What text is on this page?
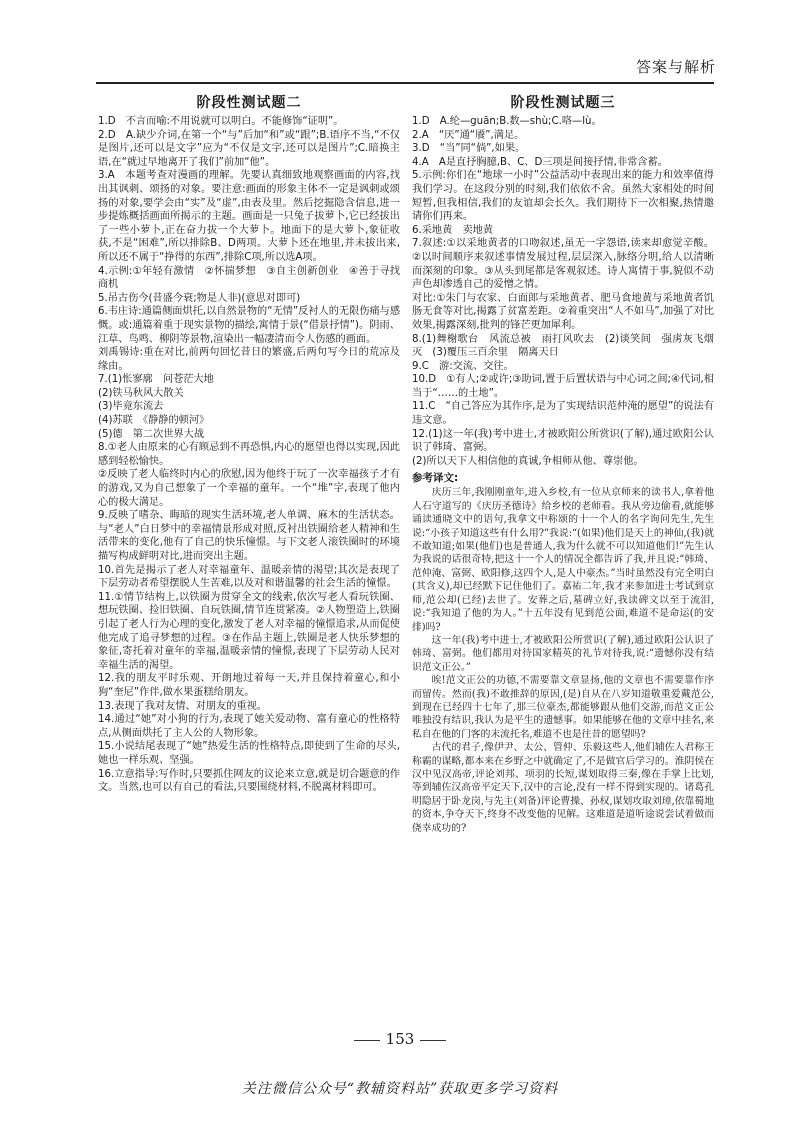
答案与解析
阶段性测试题二

1.D　不言而喻:不用说就可以明白。不能修饰“证明”。

2.D　A.缺少介词,在第一个“与”后加“和”或“跟”;B.语序不当,“不仅是图片,还可以是文字”应为“不仅是文字,还可以是图片”;C.暗换主语,在“就过早地离开了我们”前加“他”。

3.A　本题考查对漫画的理解。先要认真细致地观察画面的内容,找出其讽刺、颂扬的对象。要注意:画面的形象主体不一定是讽刺或颂扬的对象,要学会由“实”及“虚”,由表及里。然后挖掘隐含信息,进一步提炼概括画面所揭示的主题。画面是一只兔子拔萝卜,它已经拔出了一些小萝卜,正在奋力拔一个大萝卜。地面下的是大萝卜,象征收获,不是“困难”,所以排除B、D两项。大萝卜还在地里,并未拔出来,所以还不属于“挣得的东西”,排除C项,所以选A项。

4.示例:①年轻有激情　②怀揣梦想　③自主创新创业　④善于寻找商机

5.吊古伤今(昔盛今衰;物是人非)(意思对即可)

6.韦庄诗:通篇侧面烘托,以自然景物的“无情”反衬人的无限伤痛与感慨。或:通篇着重于现实景物的描绘,寓情于景(“借景抒情”)。阴雨、江草、鸟鸣、柳阴等景物,渲染出一幅凄清而令人伤感的画面。

刘禹锡诗:重在对比,前两句回忆昔日的繁盛,后两句写今日的荒凉及缘由。

7.(1)怅寥廓　问苍茫大地

(2)铁马秋风大散关

(3)毕竟东流去

(4)苏联　《静静的顿河》

(5)德　第二次世界大战

8.①老人由原来的心有顾忌到不再恐惧,内心的愿望也得以实现,因此感到轻松愉快。

②反映了老人临终时内心的欣慰,因为他终于玩了一次幸福孩子才有的游戏,又为自己想象了一个幸福的童年。一个“堆”字,表现了他内心的极大满足。

9.反映了嗜杂、晦暗的现实生活环境,老人单调、麻木的生活状态。与“老人”白日梦中的幸福情景形成对照,反衬出铁圈给老人精神和生活带来的变化,他有了自己的快乐憧憬。与下文老人滚铁圈时的环境描写构成鲜明对比,进而突出主题。

10.首先是揭示了老人对幸福童年、温暖亲情的渴望;其次是表现了下层劳动者希望摆脱人生苦难,以及对和谐温馨的社会生活的憧憬。

11.①情节结构上,以铁圈为贯穿全文的线索,依次写老人看玩铁圈、想玩铁圈、捡旧铁圈、自玩铁圈,情节连贯紧凑。②人物塑造上,铁圈引起了老人行为心理的变化,激发了老人对幸福的憧憬追求,从而促使他完成了追寻梦想的过程。③在作品主题上,铁圈是老人快乐梦想的象征,寄托着对童年的幸福,温暖亲情的憧憬,表现了下层劳动人民对幸福生活的渴望。

12.我的朋友平时乐观、开朗地过着每一天,并且保持着童心,和小狗“奎尼”作伴,做水果蛋糕给朋友。

13.表现了我对友情、对朋友的重视。

14.通过“她”对小狗的行为,表现了她关爱动物、富有童心的性格特点,从侧面烘托了主人公的人物形象。

15.小说结尾表现了“她”热爱生活的性格特点,即使到了生命的尽头,她也一样乐观、坚强。

16.立意指导:写作时,只要抓住网友的议论来立意,就是切合题意的作文。当然,也可以有自己的看法,只要围绕材料,不脱离材料即可。

阶段性测试题三

1.D　A.纶—guān;B.数—shù;C.咯—lù。

2.A　“厌”通“餍”,满足。

3.D　“当”同“倘”,如果。

4.A　A是直抒胸臆,B、C、D三项是间接抒情,非常含蓄。

5.示例:你们在“地球一小时”公益活动中表现出来的能力和效率值得我们学习。在这段分别的时刻,我们依依不舍。虽然大家相处的时间短暂,但我相信,我们的友谊却会长久。我们期待下一次相聚,热情邀请你们再来。

6.采地黄　卖地黄

7.叙述:①以采地黄者的口吻叙述,虽无一字怨语,读来却愈觉辛酸。②以时间顺序来叙述事情发展过程,层层深入,脉络分明,给人以清晰而深刻的印象。③从头到尾都是客观叙述。诗人寓情于事,貌似不动声色却渗透自己的爱憎之情。

对比:①朱门与农家、白面郎与采地黄者、肥马食地黄与采地黄者饥肠无食等对比,揭露了贫富差距。②着重突出“人不如马”,加强了对比效果,揭露深刻,批判的锋芒更加犀利。

8.(1)舞榭歌台　风流总被　雨打风吹去　(2)谈笑间　强虏灰飞烟灭　(3)覆压三百余里　隔离天日

9.C　游:交流、交往。

10.D　①有人;②或许;③助词,置于后置状语与中心词之间;④代词,相当于“……的土地”。

11.C　“自己答应为其作序,是为了实现结识范仲淹的愿望”的说法有违文意。

12.(1)这一年(我)考中进士,才被欧阳公所赏识(了解),通过欧阳公认识了韩琦、富弼。

(2)所以天下人相信他的真诚,争相师从他、尊崇他。

参考译文:

庆历三年,我刚刚童年,进入乡校,有一位从京师来的读书人,拿着他人石守道写的《庆历圣德诗》给乡校的老师看。我从旁边偷看,就能够诵读通晓文中的语句,我拿文中称颂的十一个人的名字询问先生,先生说:“小孩子知道这些有什么用?”我说:“(如果)他们是天上的神仙,(我)就不敢知道;如果(他们)也是普通人,我为什么就不可以知道他们!”先生认为我说的话很奇特,把这十一个人的情况全都告诉了我,并且说:“韩琦、范仲淹、富弼、欧阳修,这四个人,是人中豪杰。”当时虽然没有完全明白(其含义),却已经默下记住他们了。嘉祐二年,我才来参加进士考试到京师,范公却(已经)去世了。安葬之后,墓碑立好,我读碑文以至于流泪,说:“我知道了他的为人。”十五年没有见到范公面,难道不是命运(的安排)吗?

这一年(我)考中进士,才被欧阳公所赏识(了解),通过欧阳公认识了韩琦、富弼。他们都用对待国家精英的礼节对待我,说:“遗憾你没有结识范文正公。”

唉!范文正公的功德,不需要靠文章显扬,他的文章也不需要靠作序而留传。然而(我)不敢推辞的原因,(是)自从在八岁知道敬重爱戴范公,到现在已经四十七年了,那三位豪杰,都能够跟从他们交游,而范文正公唯独没有结识,我认为是平生的遗憾事。如果能够在他的文章中挂名,来私自在他的门客的末流托名,难道不也是往昔的愿望吗?

古代的君子,像伊尹、太公、管仲、乐毅这些人,他们辅佐人君称王称霸的谋略,都本来在乡野之中就确定了,不是做官后学习的。淮阴侯在汉中见汉高帝,评论刘邦、项羽的长短,谋划取得三秦,像在手掌上比划,等到辅佐汉高帝平定天下,汉中的言论,没有一样不得到实现的。诸葛孔明隐居于卧龙岗,与先主(刘备)评论曹操、孙权,谋划攻取刘璋,依靠蜀地的资本,争夺天下,终身不改变他的见解。这难道是道听途说尝试着做而侥幸成功的?

153
关注微信公众号“教辅资料站”获取更多学习资料
